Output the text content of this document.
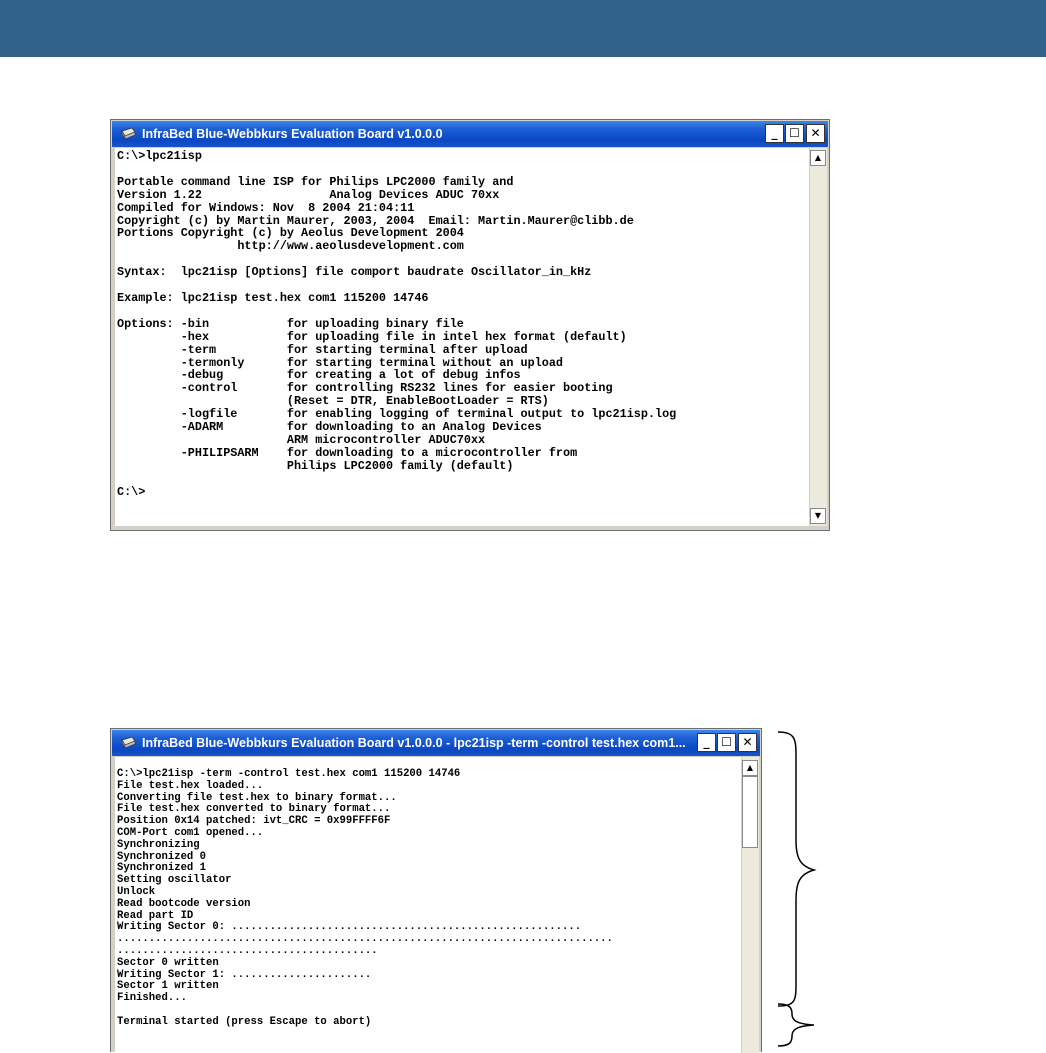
InfraBed Blue-Webbkurs Evaluation Board v1.0.0.0	_ ☐ ✕
C:\>lpc21isp

Portable command line ISP for Philips LPC2000 family and
Version 1.22                  Analog Devices ADUC 70xx
Compiled for Windows: Nov  8 2004 21:04:11
Copyright (c) by Martin Maurer, 2003, 2004  Email: Martin.Maurer@clibb.de
Portions Copyright (c) by Aeolus Development 2004
http://www.aeolusdevelopment.com

Syntax:  lpc21isp [Options] file comport baudrate Oscillator_in_kHz

Example: lpc21isp test.hex com1 115200 14746

Options: -bin           for uploading binary file
-hex           for uploading file in intel hex format (default)
-term          for starting terminal after upload
-termonly      for starting terminal without an upload
-debug         for creating a lot of debug infos
-control       for controlling RS232 lines for easier booting
(Reset = DTR, EnableBootLoader = RTS)
-logfile       for enabling logging of terminal output to lpc21isp.log
-ADARM         for downloading to an Analog Devices
ARM microcontroller ADUC70xx
-PHILIPSARM    for downloading to a microcontroller from
Philips LPC2000 family (default)

C:\>
▲
▼
InfraBed Blue-Webbkurs Evaluation Board v1.0.0.0 - lpc21isp -term -control test.hex com1...	_ ☐ ✕
C:\>lpc21isp -term -control test.hex com1 115200 14746
File test.hex loaded...
Converting file test.hex to binary format...
File test.hex converted to binary format...
Position 0x14 patched: ivt_CRC = 0x99FFFF6F
COM-Port com1 opened...
Synchronizing
Synchronized 0
Synchronized 1
Setting oscillator
Unlock
Read bootcode version
Read part ID
Writing Sector 0: .......................................................
..............................................................................
.........................................
Sector 0 written
Writing Sector 1: ......................
Sector 1 written
Finished...

Terminal started (press Escape to abort)
▲
